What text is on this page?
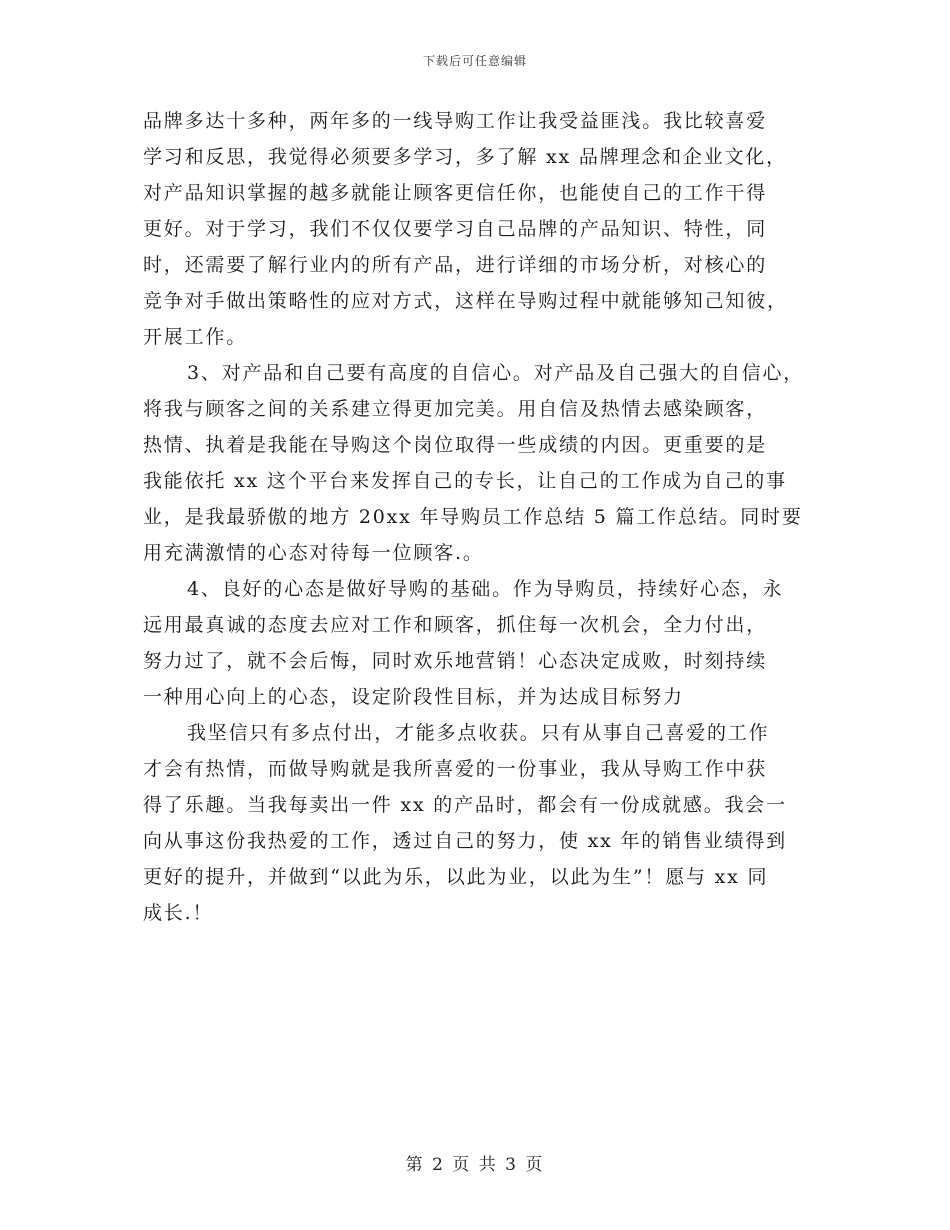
下载后可任意编辑
品牌多达十多种，两年多的一线导购工作让我受益匪浅。我比较喜爱
学习和反思，我觉得必须要多学习，多了解 xx 品牌理念和企业文化，
对产品知识掌握的越多就能让顾客更信任你，也能使自己的工作干得
更好。对于学习，我们不仅仅要学习自己品牌的产品知识、特性，同
时，还需要了解行业内的所有产品，进行详细的市场分析，对核心的
竞争对手做出策略性的应对方式，这样在导购过程中就能够知己知彼，
开展工作。
3、对产品和自己要有高度的自信心。对产品及自己强大的自信心，
将我与顾客之间的关系建立得更加完美。用自信及热情去感染顾客，
热情、执着是我能在导购这个岗位取得一些成绩的内因。更重要的是
我能依托 xx 这个平台来发挥自己的专长，让自己的工作成为自己的事
业，是我最骄傲的地方 20xx 年导购员工作总结 5 篇工作总结。同时要
用充满激情的心态对待每一位顾客.。
4、良好的心态是做好导购的基础。作为导购员，持续好心态，永
远用最真诚的态度去应对工作和顾客，抓住每一次机会，全力付出，
努力过了，就不会后悔，同时欢乐地营销！心态决定成败，时刻持续
一种用心向上的心态，设定阶段性目标，并为达成目标努力
我坚信只有多点付出，才能多点收获。只有从事自己喜爱的工作
才会有热情，而做导购就是我所喜爱的一份事业，我从导购工作中获
得了乐趣。当我每卖出一件 xx 的产品时，都会有一份成就感。我会一
向从事这份我热爱的工作，透过自己的努力，使 xx 年的销售业绩得到
更好的提升，并做到“以此为乐，以此为业，以此为生”！愿与 xx 同
成长.！
第 2 页 共 3 页
